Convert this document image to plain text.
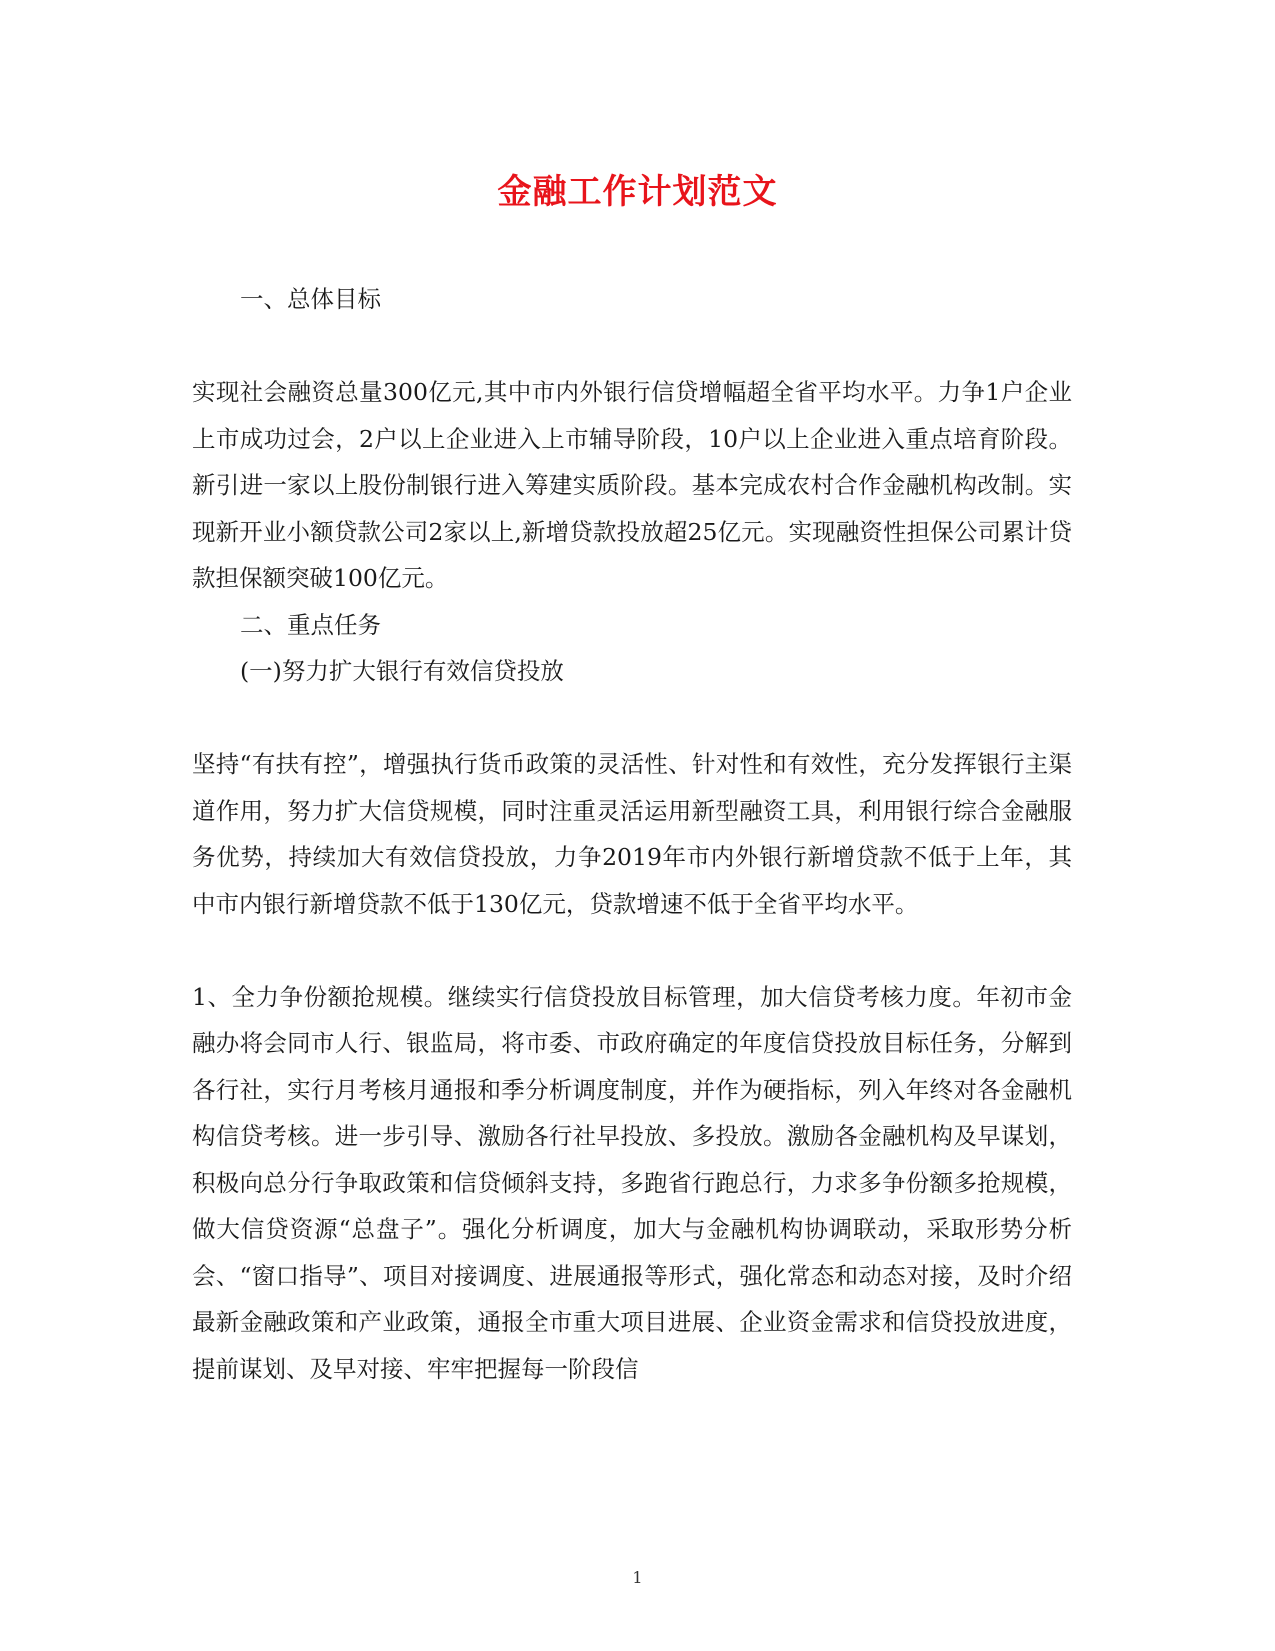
金融工作计划范文

一、总体目标

实现社会融资总量300亿元,其中市内外银行信贷增幅超全省平均水平。力争1户企业上市成功过会，2户以上企业进入上市辅导阶段，10户以上企业进入重点培育阶段。新引进一家以上股份制银行进入筹建实质阶段。基本完成农村合作金融机构改制。实现新开业小额贷款公司2家以上,新增贷款投放超25亿元。实现融资性担保公司累计贷款担保额突破100亿元。

二、重点任务

(一)努力扩大银行有效信贷投放

坚持“有扶有控”，增强执行货币政策的灵活性、针对性和有效性，充分发挥银行主渠道作用，努力扩大信贷规模，同时注重灵活运用新型融资工具，利用银行综合金融服务优势，持续加大有效信贷投放，力争2019年市内外银行新增贷款不低于上年，其中市内银行新增贷款不低于130亿元，贷款增速不低于全省平均水平。

1、全力争份额抢规模。继续实行信贷投放目标管理，加大信贷考核力度。年初市金融办将会同市人行、银监局，将市委、市政府确定的年度信贷投放目标任务，分解到各行社，实行月考核月通报和季分析调度制度，并作为硬指标，列入年终对各金融机构信贷考核。进一步引导、激励各行社早投放、多投放。激励各金融机构及早谋划，积极向总分行争取政策和信贷倾斜支持，多跑省行跑总行，力求多争份额多抢规模，做大信贷资源“总盘子”。强化分析调度，加大与金融机构协调联动，采取形势分析会、“窗口指导”、项目对接调度、进展通报等形式，强化常态和动态对接，及时介绍最新金融政策和产业政策，通报全市重大项目进展、企业资金需求和信贷投放进度，提前谋划、及早对接、牢牢把握每一阶段信

1
